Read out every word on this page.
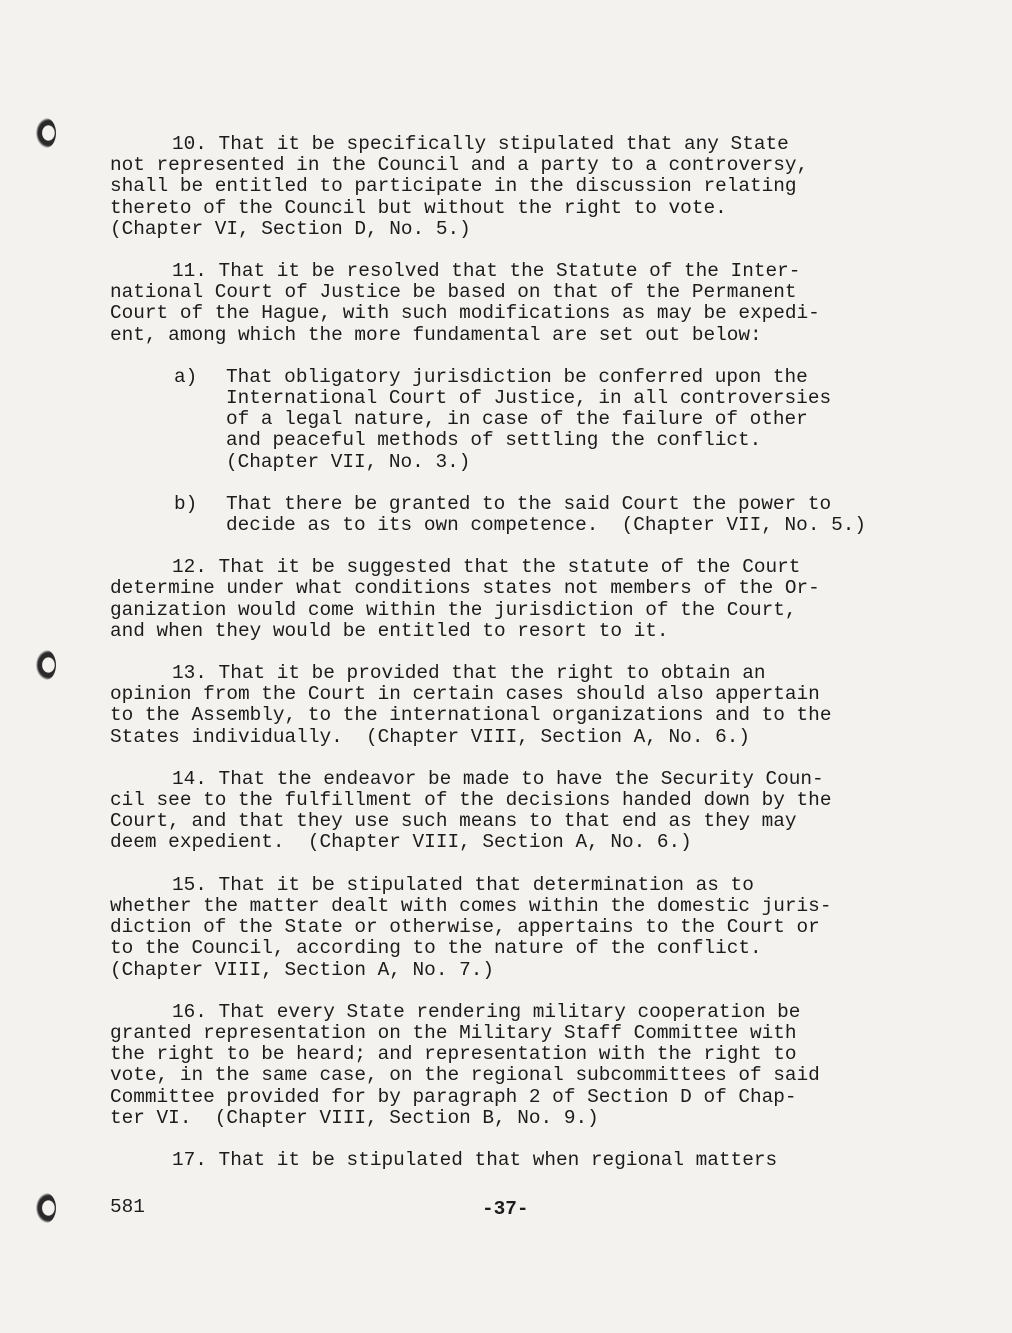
10. That it be specifically stipulated that any State
not represented in the Council and a party to a controversy,
shall be entitled to participate in the discussion relating
thereto of the Council but without the right to vote.
(Chapter VI, Section D, No. 5.)

11. That it be resolved that the Statute of the Inter-
national Court of Justice be based on that of the Permanent
Court of the Hague, with such modifications as may be expedi-
ent, among which the more fundamental are set out below:

a)	That obligatory jurisdiction be conferred upon the
International Court of Justice, in all controversies
of a legal nature, in case of the failure of other
and peaceful methods of settling the conflict.
(Chapter VII, No. 3.)
b)	That there be granted to the said Court the power to
decide as to its own competence.  (Chapter VII, No. 5.)

12. That it be suggested that the statute of the Court
determine under what conditions states not members of the Or-
ganization would come within the jurisdiction of the Court,
and when they would be entitled to resort to it.

13. That it be provided that the right to obtain an
opinion from the Court in certain cases should also appertain
to the Assembly, to the international organizations and to the
States individually.  (Chapter VIII, Section A, No. 6.)

14. That the endeavor be made to have the Security Coun-
cil see to the fulfillment of the decisions handed down by the
Court, and that they use such means to that end as they may
deem expedient.  (Chapter VIII, Section A, No. 6.)

15. That it be stipulated that determination as to
whether the matter dealt with comes within the domestic juris-
diction of the State or otherwise, appertains to the Court or
to the Council, according to the nature of the conflict.
(Chapter VIII, Section A, No. 7.)

16. That every State rendering military cooperation be
granted representation on the Military Staff Committee with
the right to be heard; and representation with the right to
vote, in the same case, on the regional subcommittees of said
Committee provided for by paragraph 2 of Section D of Chap-
ter VI.  (Chapter VIII, Section B, No. 9.)

17. That it be stipulated that when regional matters

581	-37-
